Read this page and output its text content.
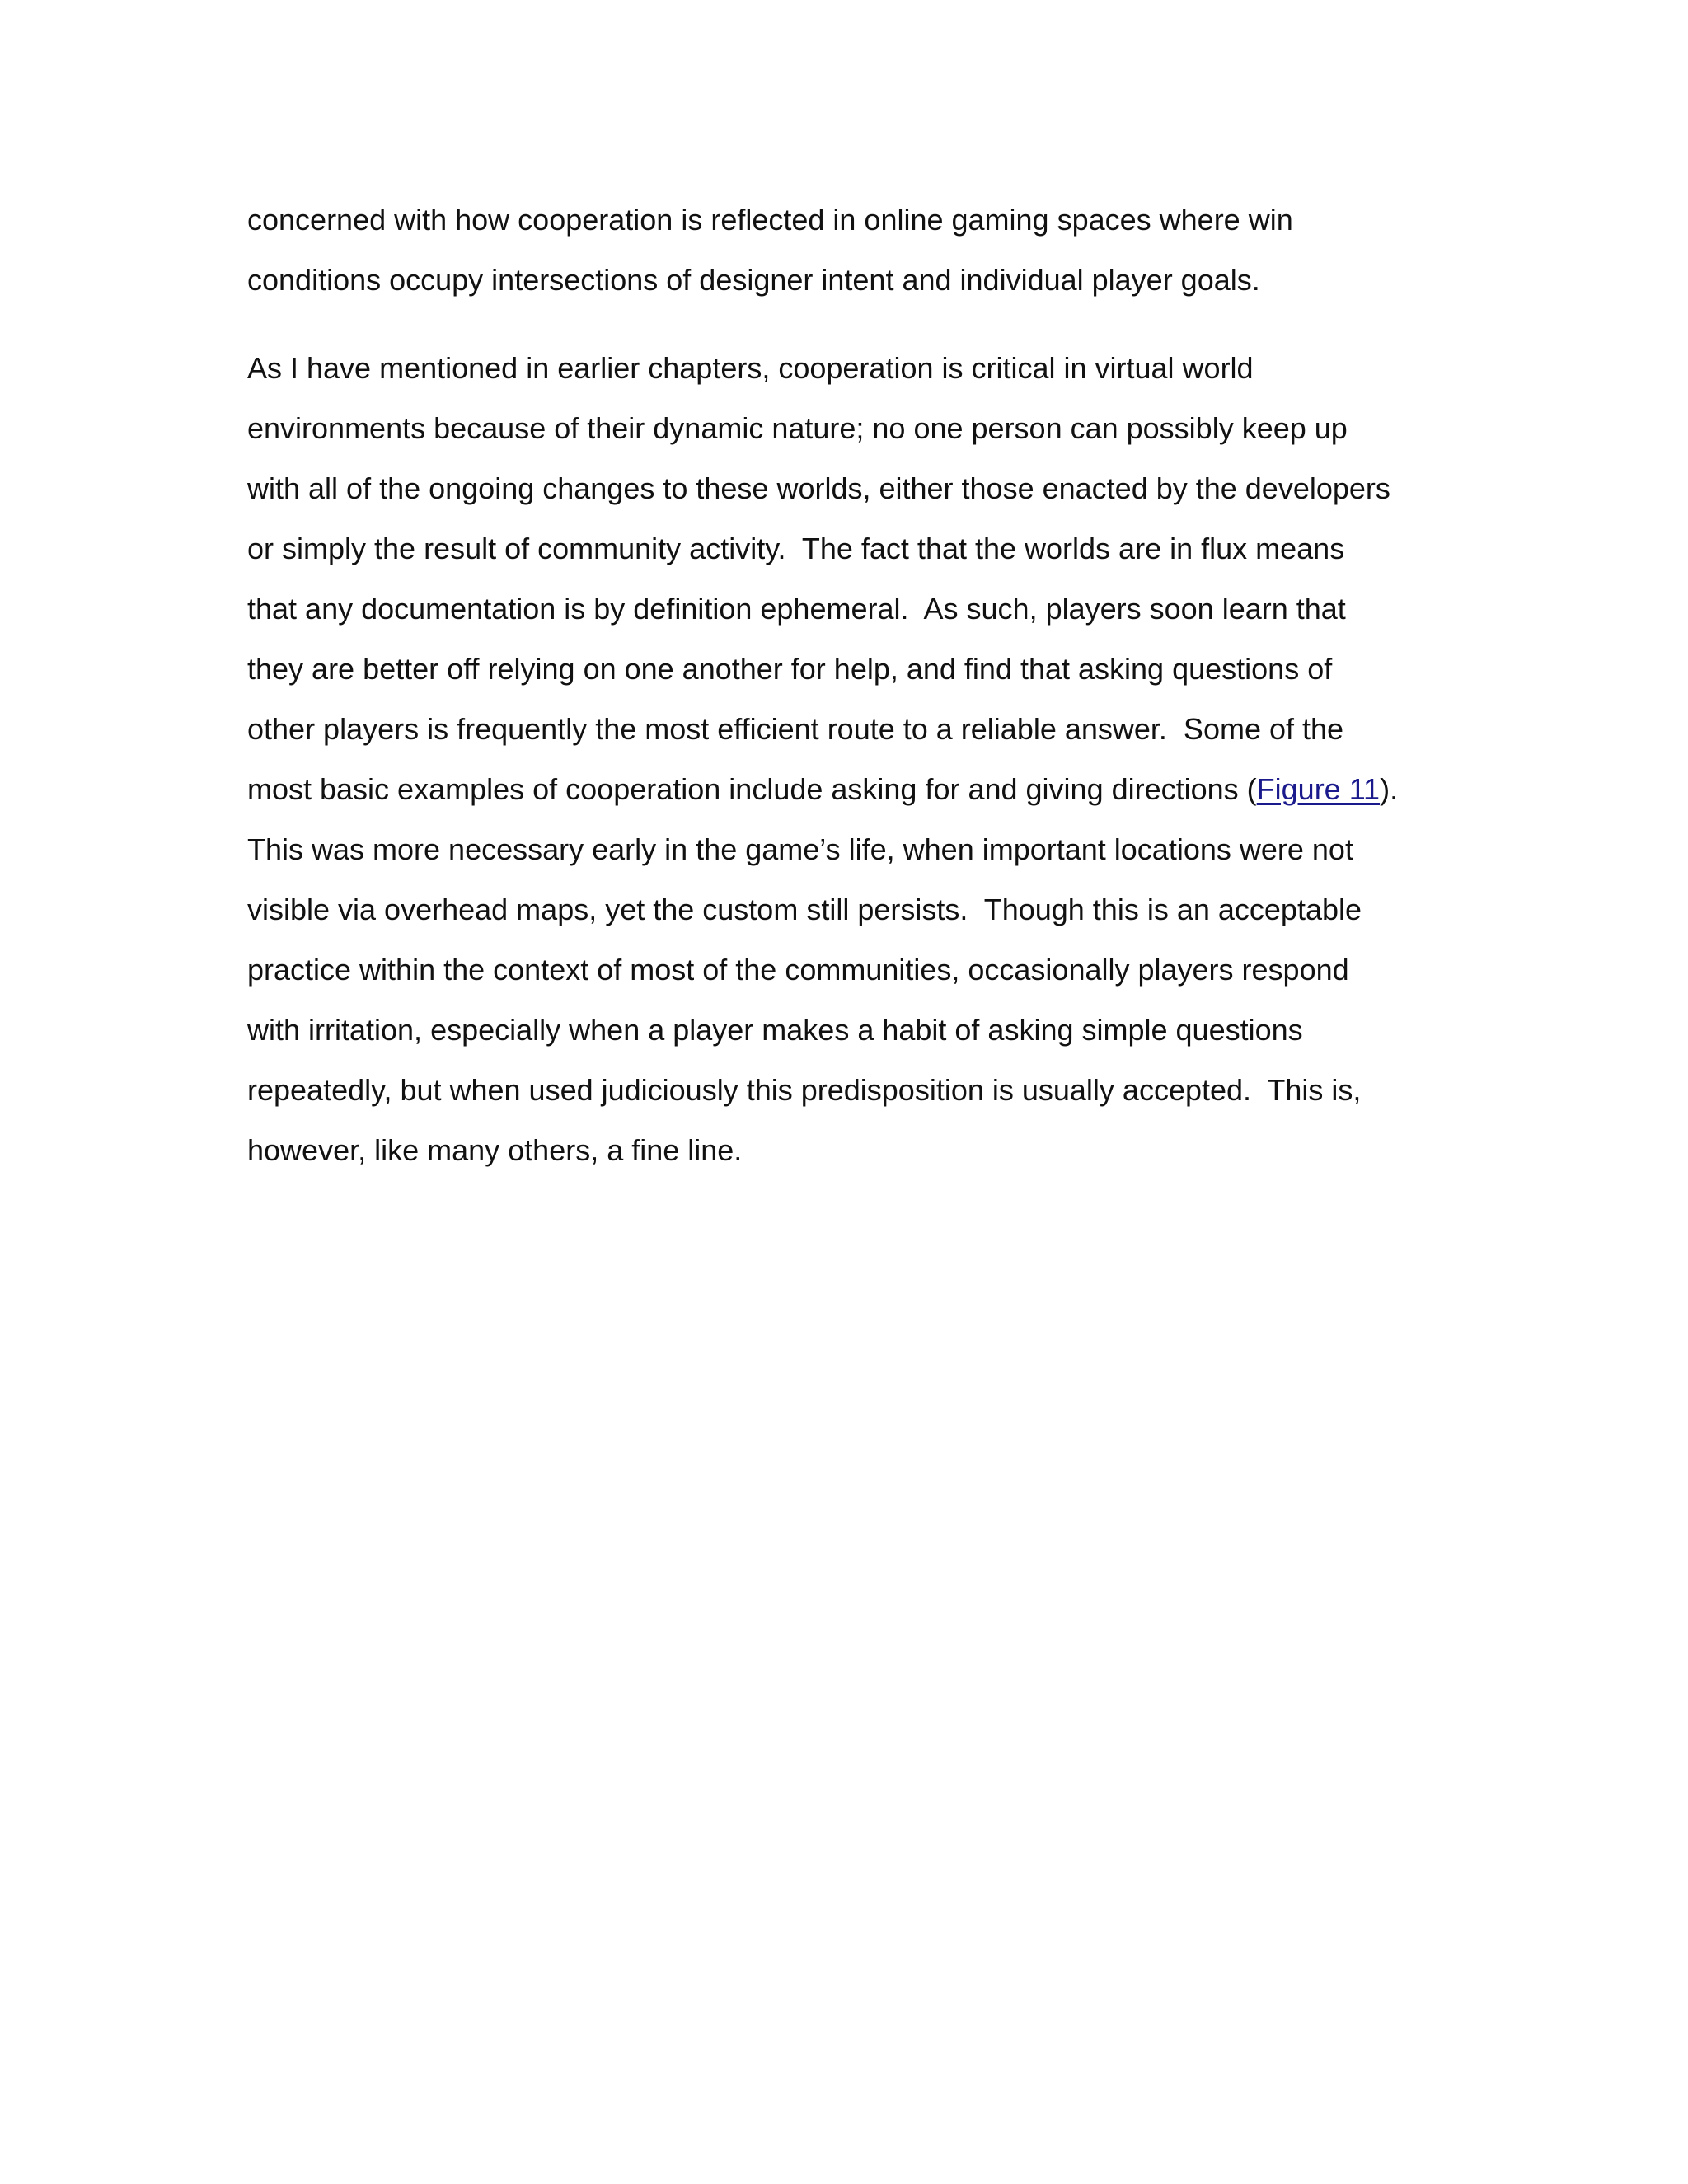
concerned with how cooperation is reflected in online gaming spaces where win
conditions occupy intersections of designer intent and individual player goals.
As I have mentioned in earlier chapters, cooperation is critical in virtual world
environments because of their dynamic nature; no one person can possibly keep up
with all of the ongoing changes to these worlds, either those enacted by the developers
or simply the result of community activity.  The fact that the worlds are in flux means
that any documentation is by definition ephemeral.  As such, players soon learn that
they are better off relying on one another for help, and find that asking questions of
other players is frequently the most efficient route to a reliable answer.  Some of the
most basic examples of cooperation include asking for and giving directions (Figure 11).
This was more necessary early in the game’s life, when important locations were not
visible via overhead maps, yet the custom still persists.  Though this is an acceptable
practice within the context of most of the communities, occasionally players respond
with irritation, especially when a player makes a habit of asking simple questions
repeatedly, but when used judiciously this predisposition is usually accepted.  This is,
however, like many others, a fine line.
